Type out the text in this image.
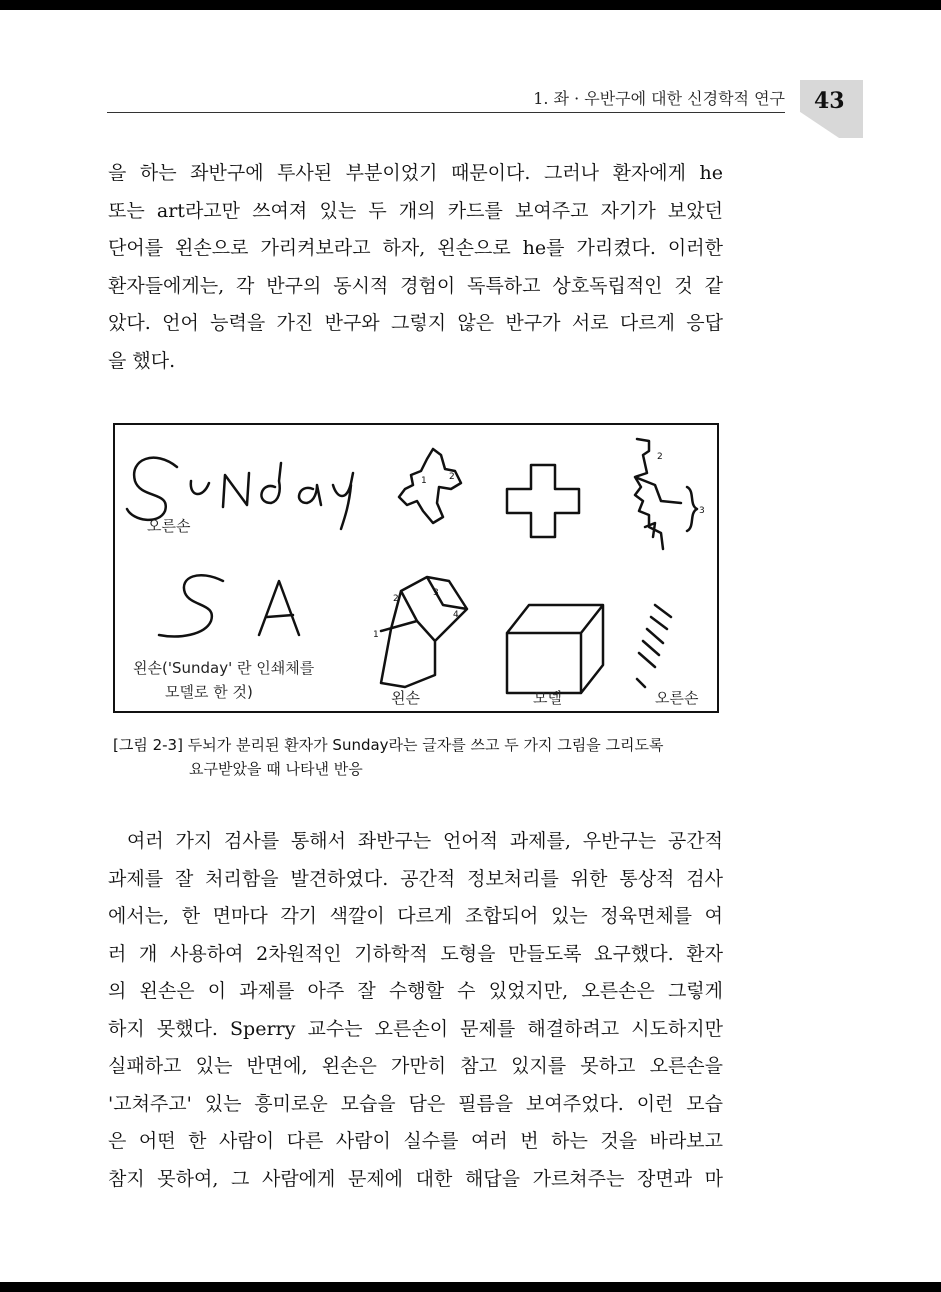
1. 좌 · 우반구에 대한 신경학적 연구 43
을 하는 좌반구에 투사된 부분이었기 때문이다. 그러나 환자에게 he
또는 art라고만 쓰여져 있는 두 개의 카드를 보여주고 자기가 보았던
단어를 왼손으로 가리켜보라고 하자, 왼손으로 he를 가리켰다. 이러한
환자들에게는, 각 반구의 동시적 경험이 독특하고 상호독립적인 것 같
았다. 언어 능력을 가진 반구와 그렇지 않은 반구가 서로 다르게 응답
을 했다.
1 2
2
3
2
3
4
1
오른손
왼손('Sunday' 란 인쇄체를
모델로 한 것)	왼손	모델	오른손
[그림 2-3] 두뇌가 분리된 환자가 Sunday라는 글자를 쓰고 두 가지 그림을 그리도록
요구받았을 때 나타낸 반응
여러 가지 검사를 통해서 좌반구는 언어적 과제를, 우반구는 공간적
과제를 잘 처리함을 발견하였다. 공간적 정보처리를 위한 통상적 검사
에서는, 한 면마다 각기 색깔이 다르게 조합되어 있는 정육면체를 여
러 개 사용하여 2차원적인 기하학적 도형을 만들도록 요구했다. 환자
의 왼손은 이 과제를 아주 잘 수행할 수 있었지만, 오른손은 그렇게
하지 못했다. Sperry 교수는 오른손이 문제를 해결하려고 시도하지만
실패하고 있는 반면에, 왼손은 가만히 참고 있지를 못하고 오른손을
'고쳐주고' 있는 흥미로운 모습을 담은 필름을 보여주었다. 이런 모습
은 어떤 한 사람이 다른 사람이 실수를 여러 번 하는 것을 바라보고
참지 못하여, 그 사람에게 문제에 대한 해답을 가르쳐주는 장면과 마
